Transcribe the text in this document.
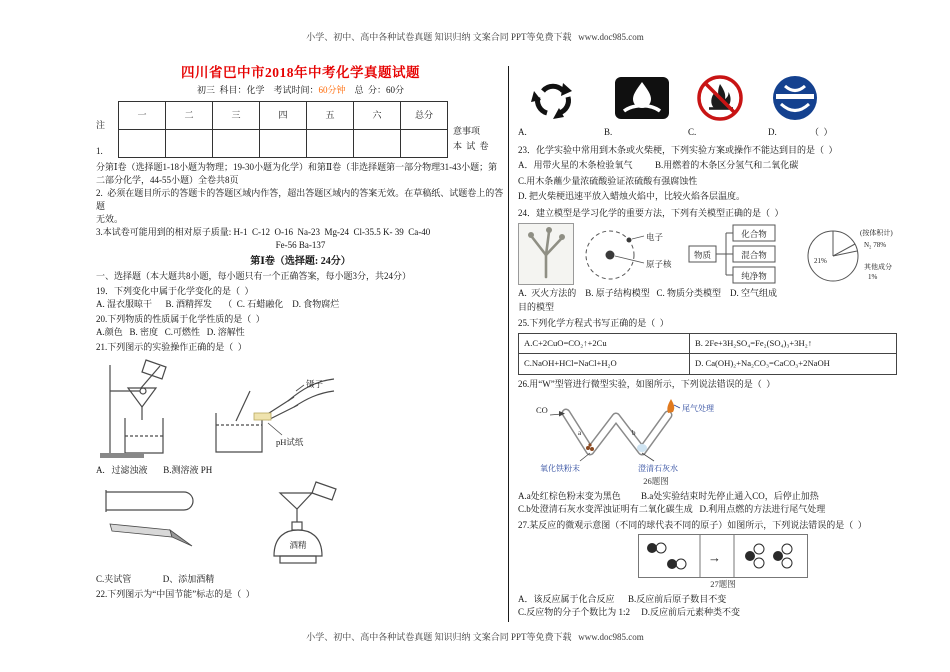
小学、初中、高中各种试卷真题 知识归纳 文案合同 PPT等免费下载   www.doc985.com
四川省巴中市2018年中考化学真题试题
初三  科目：化学    考试时间：60分钟    总  分：60分
注
1.
一	二	三	四	五	六	总分

意事项
本 试 卷
分第Ⅰ卷（选择题1-18小题为物理；19-30小题为化学）和第Ⅱ卷（非选择题第一部分物理31-43小题；第
二部分化学，44-55小题）全卷共8页
2.  必须在题目所示的答题卡的答题区域内作答，超出答题区域内的答案无效。在草稿纸、试题卷上的答题
无效。
3.本试卷可能用到的相对原子质量: H-1  C-12  O-16  Na-23  Mg-24  Cl-35.5 K- 39  Ca-40
Fe-56 Ba-137
第Ⅰ卷（选择题: 24分）
一、选择题（本大题共8小题，每小题只有一个正确答案，每小题3分，共24分）
19．下列变化中属于化学变化的是（  ）
A. 湿衣服晾干      B. 酒精挥发     （  C. 石蜡融化    D. 食物腐烂
20.下列物质的性质属于化学性质的是（  ）
A.颜色   B. 密度   C.可燃性   D. 溶解性
21.下列图示的实验操作正确的是（  ）
镊子
pH试纸
A.   过滤浊液       B.测溶液 PH
酒精
C.夹试管              D、添加酒精
22.下列图示为“中国节能”标志的是（  ）
A.	B.	C.	D.	（  ）
23．化学实验中常用到木条或火柴梗，下列实验方案或操作不能达到目的是（  ）
A．用带火星的木条检验氧气          B.用燃着的木条区分氢气和二氧化碳
C.用木条蘸少量浓硫酸验证浓硫酸有强腐蚀性
D. 把火柴梗迅速平放入蜡烛火焰中，比较火焰各层温度。
24．建立模型是学习化学的重要方法，下列有关模型正确的是（  ）
电子
原子核
物质
化合物
混合物
纯净物
(按体积计)
N₂ 78%
21%
其他成分
1%
A.  灭火方法的    B. 原子结构模型   C. 物质分类模型    D. 空气组成
目的模型
25.下列化学方程式书写正确的是（  ）
A.C+2CuO=CO₂↑+2Cu	B. 2Fe+3H₂SO₄=Fe₂(SO₄)₃+3H₂↑
C.NaOH+HCl=NaCl+H₂O	D. Ca(OH)₂+Na₂CO₃=CaCO₃+2NaOH
26.用“W”型管进行微型实验，如图所示，下列说法错误的是（  ）
CO
a	b
尾气处理
氧化铁粉末	澄清石灰水
26题图
A.a处红棕色粉末变为黑色         B.a处实验结束时先停止通入CO，后停止加热
C.b处澄清石灰水变浑浊证明有二氧化碳生成   D.利用点燃的方法进行尾气处理
27.某反应的微观示意图（不同的球代表不同的原子）如图所示，下列说法错误的是（  ）
→
27题图
A．该反应属于化合反应      B.反应前后原子数目不变
C.反应物的分子个数比为 1:2     D.反应前后元素种类不变
小学、初中、高中各种试卷真题 知识归纳 文案合同 PPT等免费下载   www.doc985.com
